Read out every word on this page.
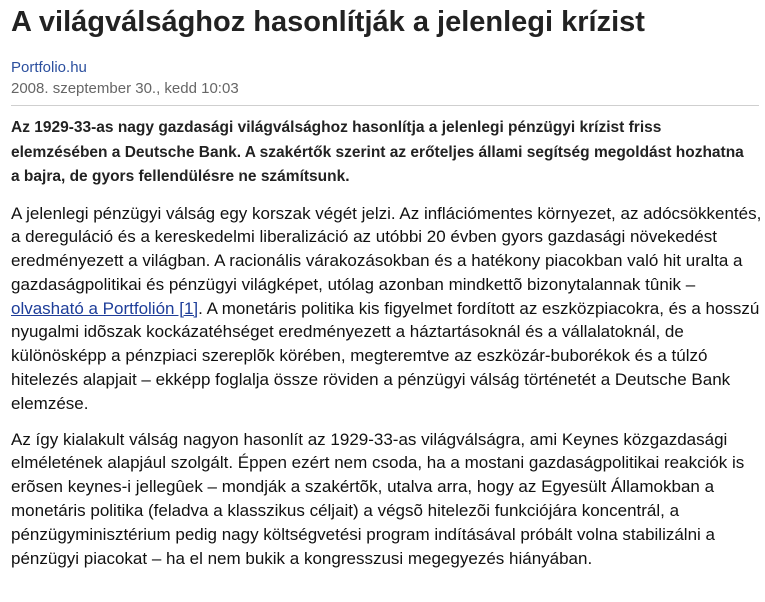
A világválsághoz hasonlítják a jelenlegi krízist
Portfolio.hu
2008. szeptember 30., kedd 10:03

Az 1929-33-as nagy gazdasági világválsághoz hasonlítja a jelenlegi pénzügyi krízist friss elemzésében a Deutsche Bank. A szakértők szerint az erőteljes állami segítség megoldást hozhatna a bajra, de gyors fellendülésre ne számítsunk.

A jelenlegi pénzügyi válság egy korszak végét jelzi. Az inflációmentes környezet, az adócsökkentés, a dereguláció és a kereskedelmi liberalizáció az utóbbi 20 évben gyors gazdasági növekedést eredményezett a világban. A racionális várakozásokban és a hatékony piacokban való hit uralta a gazdaságpolitikai és pénzügyi világképet, utólag azonban mindkettõ bizonytalannak tûnik – olvasható a Portfolión [1]. A monetáris politika kis figyelmet fordított az eszközpiacokra, és a hosszú nyugalmi idõszak kockázatéhséget eredményezett a háztartásoknál és a vállalatoknál, de különösképp a pénzpiaci szereplõk körében, megteremtve az eszközár-buborékok és a túlzó hitelezés alapjait – ekképp foglalja össze röviden a pénzügyi válság történetét a Deutsche Bank elemzése.

Az így kialakult válság nagyon hasonlít az 1929-33-as világválságra, ami Keynes közgazdasági elméletének alapjául szolgált. Éppen ezért nem csoda, ha a mostani gazdaságpolitikai reakciók is erõsen keynes-i jellegûek – mondják a szakértõk, utalva arra, hogy az Egyesült Államokban a monetáris politika (feladva a klasszikus céljait) a végsõ hitelezõi funkciójára koncentrál, a pénzügyminisztérium pedig nagy költségvetési program indításával próbált volna stabilizálni a pénzügyi piacokat – ha el nem bukik a kongresszusi megegyezés hiányában.
